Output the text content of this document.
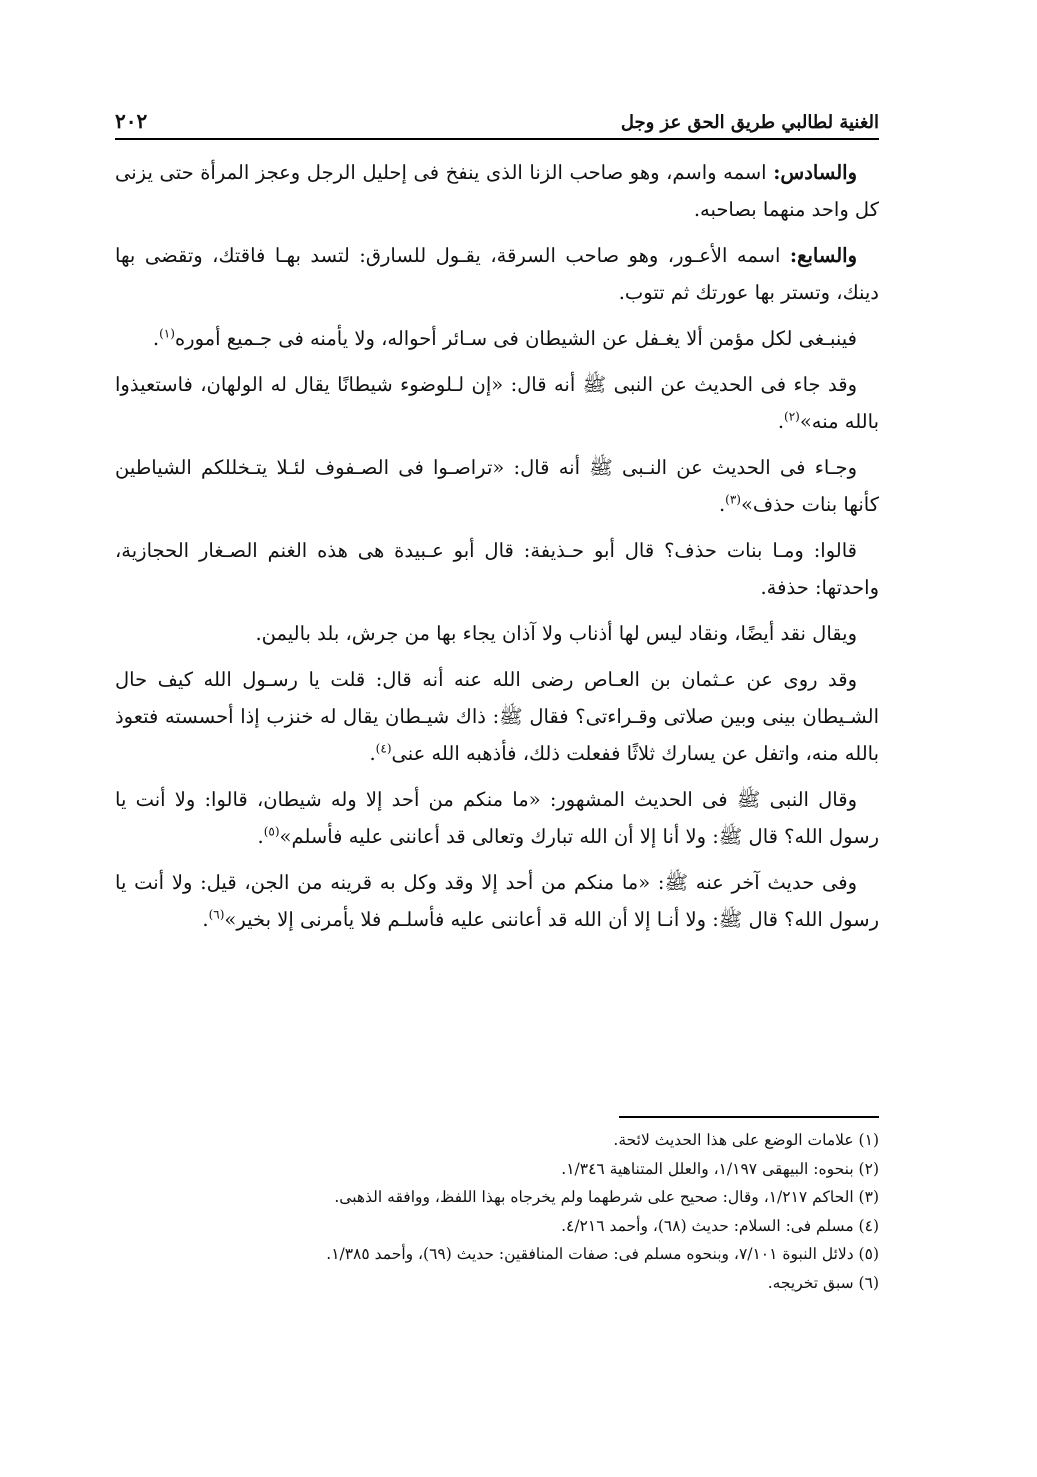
الغنية لطالبي طريق الحق عز وجل
٢٠٢

والسادس: اسمه واسم، وهو صاحب الزنا الذى ينفخ فى إحليل الرجل وعجز المرأة حتى يزنى كل واحد منهما بصاحبه.

والسابع: اسمه الأعـور، وهو صاحب السرقة، يقـول للسارق: لتسد بهـا فاقتك، وتقضى بها دينك، وتستر بها عورتك ثم تتوب.

فينبـغى لكل مؤمن ألا يغـفل عن الشيطان فى سـائر أحواله، ولا يأمنه فى جـميع أموره$^{(١)}$.

وقد جاء فى الحديث عن النبى ﷺ أنه قال: «إن لـلوضوء شيطانًا يقال له الولهان، فاستعيذوا بالله منه»$^{(٢)}$.

وجـاء فى الحديث عن النـبى ﷺ أنه قال: «تراصـوا فى الصـفوف لئـلا يتـخللكم الشياطين كأنها بنات حذف»$^{(٣)}$.

قالوا: ومـا بنات حذف؟ قال أبو حـذيفة: قال أبو عـبيدة هى هذه الغنم الصـغار الحجازية، واحدتها: حذفة.

ويقال نقد أيضًا، ونقاد ليس لها أذناب ولا آذان يجاء بها من جرش، بلد باليمن.

وقد روى عن عـثمان بن العـاص رضى الله عنه أنه قال: قلت يا رسـول الله كيف حال الشـيطان بينى وبين صلاتى وقـراءتى؟ فقال ﷺ: ذاك شيـطان يقال له خنزب إذا أحسسته فتعوذ بالله منه، واتفل عن يسارك ثلاثًا ففعلت ذلك، فأذهبه الله عنى$^{(٤)}$.

وقال النبى ﷺ فى الحديث المشهور: «ما منكم من أحد إلا وله شيطان، قالوا: ولا أنت يا رسول الله؟ قال ﷺ: ولا أنا إلا أن الله تبارك وتعالى قد أعاننى عليه فأسلم»$^{(٥)}$.

وفى حديث آخر عنه ﷺ: «ما منكم من أحد إلا وقد وكل به قرينه من الجن، قيل: ولا أنت يا رسول الله؟ قال ﷺ: ولا أنـا إلا أن الله قد أعاننى عليه فأسلـم فلا يأمرنى إلا بخير»$^{(٦)}$.

(١) علامات الوضع على هذا الحديث لائحة.

(٢) بنحوه: البيهقى ١/١٩٧، والعلل المتناهية ١/٣٤٦.

(٣) الحاكم ١/٢١٧، وقال: صحيح على شرطهما ولم يخرجاه بهذا اللفظ، ووافقه الذهبى.

(٤) مسلم فى: السلام: حديث (٦٨)، وأحمد ٤/٢١٦.

(٥) دلائل النبوة ٧/١٠١، وبنحوه مسلم فى: صفات المنافقين: حديث (٦٩)، وأحمد ١/٣٨٥.

(٦) سبق تخريجه.
